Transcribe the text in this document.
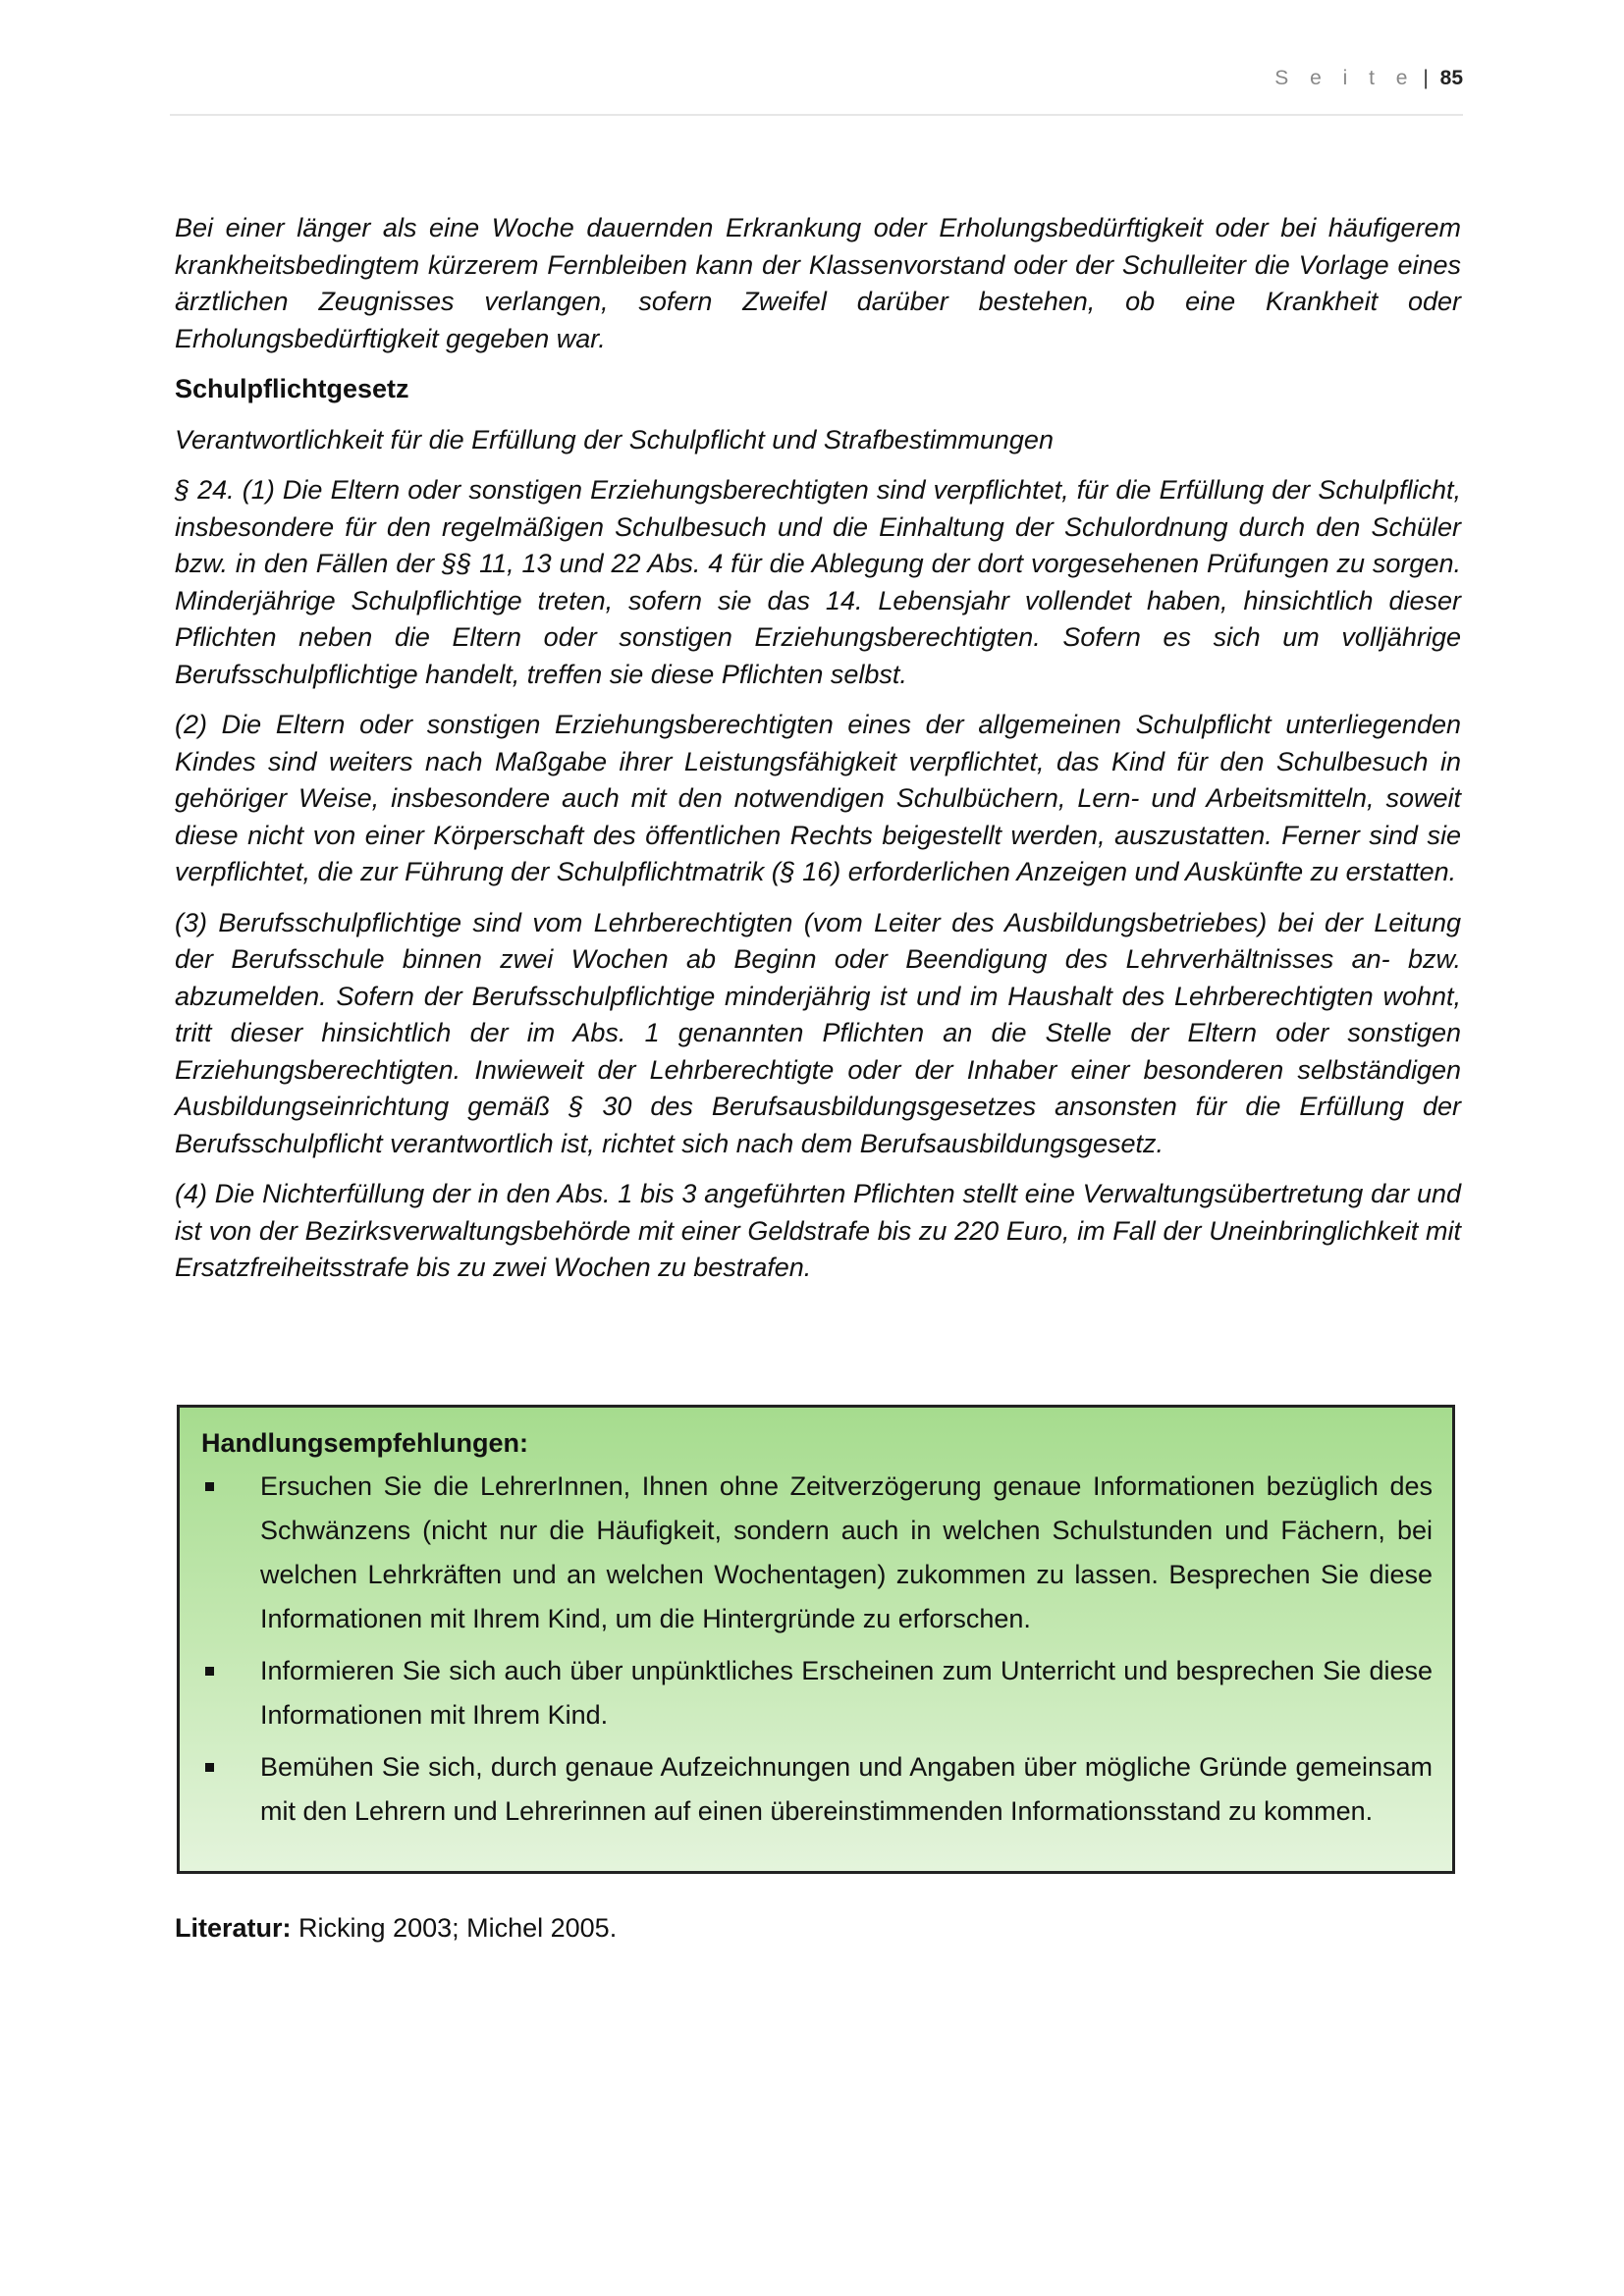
S e i t e | 85

Bei einer länger als eine Woche dauernden Erkrankung oder Erholungsbedürftigkeit oder bei häufigerem krankheitsbedingtem kürzerem Fernbleiben kann der Klassenvorstand oder der Schulleiter die Vorlage eines ärztlichen Zeugnisses verlangen, sofern Zweifel darüber bestehen, ob eine Krankheit oder Erholungsbedürftigkeit gegeben war.

Schulpflichtgesetz

Verantwortlichkeit für die Erfüllung der Schulpflicht und Strafbestimmungen

§ 24. (1) Die Eltern oder sonstigen Erziehungsberechtigten sind verpflichtet, für die Erfüllung der Schulpflicht, insbesondere für den regelmäßigen Schulbesuch und die Einhaltung der Schulordnung durch den Schüler bzw. in den Fällen der §§ 11, 13 und 22 Abs. 4 für die Ablegung der dort vorgesehenen Prüfungen zu sorgen. Minderjährige Schulpflichtige treten, sofern sie das 14. Lebensjahr vollendet haben, hinsichtlich dieser Pflichten neben die Eltern oder sonstigen Erziehungsberechtigten. Sofern es sich um volljährige Berufsschulpflichtige handelt, treffen sie diese Pflichten selbst.

(2) Die Eltern oder sonstigen Erziehungsberechtigten eines der allgemeinen Schulpflicht unterliegenden Kindes sind weiters nach Maßgabe ihrer Leistungsfähigkeit verpflichtet, das Kind für den Schulbesuch in gehöriger Weise, insbesondere auch mit den notwendigen Schulbüchern, Lern- und Arbeitsmitteln, soweit diese nicht von einer Körperschaft des öffentlichen Rechts beigestellt werden, auszustatten. Ferner sind sie verpflichtet, die zur Führung der Schulpflichtmatrik (§ 16) erforderlichen Anzeigen und Auskünfte zu erstatten.

(3) Berufsschulpflichtige sind vom Lehrberechtigten (vom Leiter des Ausbildungsbetriebes) bei der Leitung der Berufsschule binnen zwei Wochen ab Beginn oder Beendigung des Lehrverhältnisses an- bzw. abzumelden. Sofern der Berufsschulpflichtige minderjährig ist und im Haushalt des Lehrberechtigten wohnt, tritt dieser hinsichtlich der im Abs. 1 genannten Pflichten an die Stelle der Eltern oder sonstigen Erziehungsberechtigten. Inwieweit der Lehrberechtigte oder der Inhaber einer besonderen selbständigen Ausbildungseinrichtung gemäß § 30 des Berufsausbildungsgesetzes ansonsten für die Erfüllung der Berufsschulpflicht verantwortlich ist, richtet sich nach dem Berufsausbildungsgesetz.

(4) Die Nichterfüllung der in den Abs. 1 bis 3 angeführten Pflichten stellt eine Verwaltungsübertretung dar und ist von der Bezirksverwaltungsbehörde mit einer Geldstrafe bis zu 220 Euro, im Fall der Uneinbringlichkeit mit Ersatzfreiheitsstrafe bis zu zwei Wochen zu bestrafen.

Handlungsempfehlungen:
Ersuchen Sie die LehrerInnen, Ihnen ohne Zeitverzögerung genaue Informationen bezüglich des Schwänzens (nicht nur die Häufigkeit, sondern auch in welchen Schulstunden und Fächern, bei welchen Lehrkräften und an welchen Wochentagen) zukommen zu lassen. Besprechen Sie diese Informationen mit Ihrem Kind, um die Hintergründe zu erforschen.
Informieren Sie sich auch über unpünktliches Erscheinen zum Unterricht und besprechen Sie diese Informationen mit Ihrem Kind.
Bemühen Sie sich, durch genaue Aufzeichnungen und Angaben über mögliche Gründe gemeinsam mit den Lehrern und Lehrerinnen auf einen übereinstimmenden Informationsstand zu kommen.
Literatur: Ricking 2003; Michel 2005.
